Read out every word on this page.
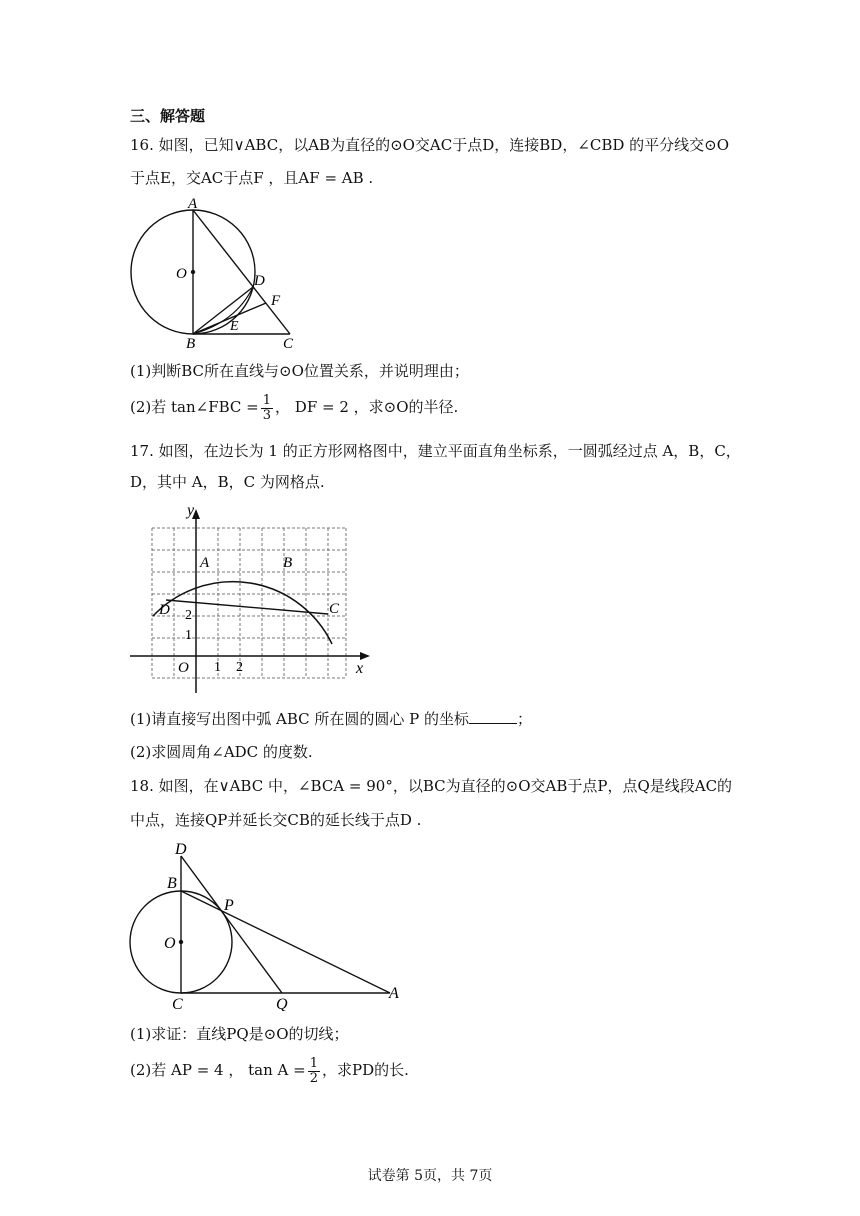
三、解答题
16. 如图，已知∨ABC，以AB为直径的⊙O交AC于点D，连接BD，∠CBD 的平分线交⊙O
于点E，交AC于点F ，且AF = AB .
A
O	D
F
E
B	C
(1)判断BC所在直线与⊙O位置关系，并说明理由；
(2)若 tan∠FBC = $\frac{1}{3}$ ， DF = 2 ，求⊙O的半径.
17. 如图，在边长为 1 的正方形网格图中，建立平面直角坐标系，一圆弧经过点 A，B，C，
D，其中 A，B，C 为网格点.
y
x
O
A	B
C
D
1 2
1
2
(1)请直接写出图中弧 ABC 所在圆的圆心 P 的坐标	；
(2)求圆周角∠ADC 的度数.
18. 如图，在∨ABC 中，∠BCA = 90°，以BC为直径的⊙O交AB于点P，点Q是线段AC的
中点，连接QP并延长交CB的延长线于点D .
D
B
P
O
C	Q
A
(1)求证：直线PQ是⊙O的切线；
(2)若 AP = 4 ， $\tan A = \frac{1}{2}$ ，求PD的长.
试卷第 5页，共 7页
